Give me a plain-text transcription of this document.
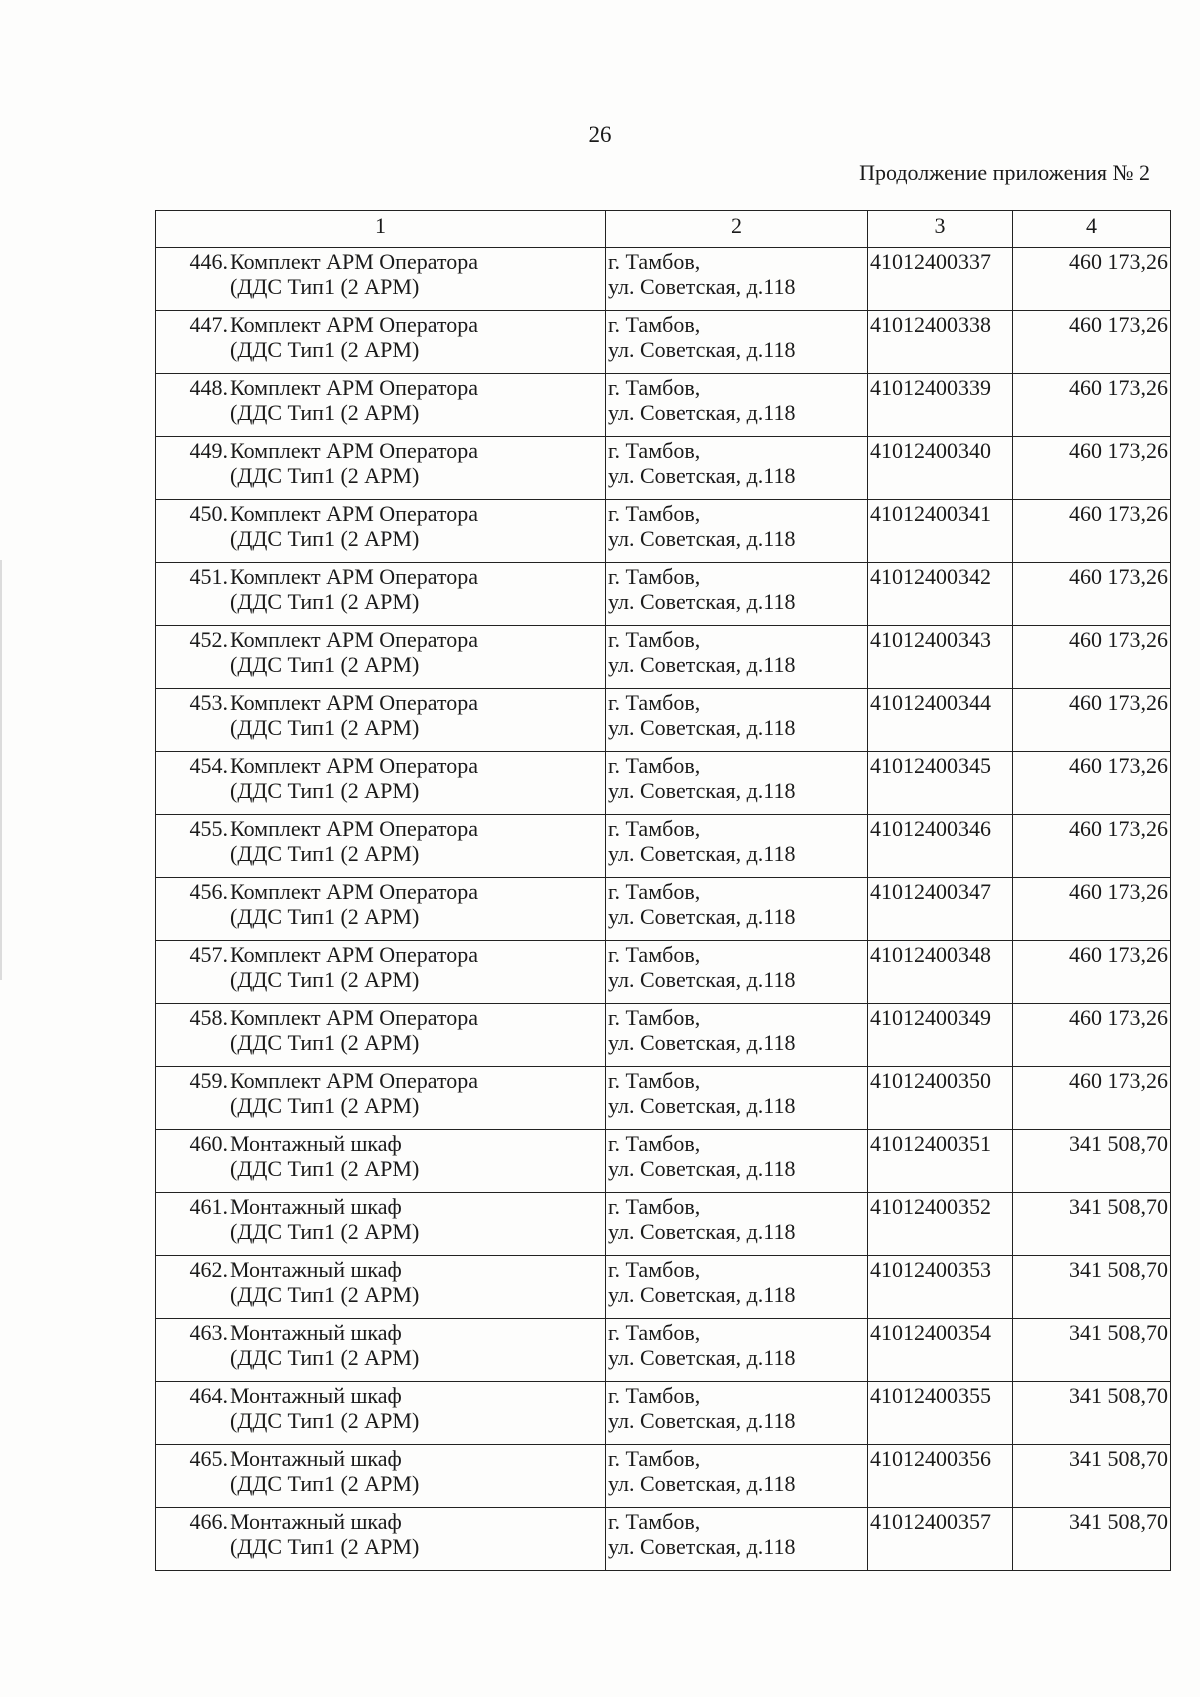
26
Продолжение приложения № 2
1	2	3	4

446. Комплект АРМ Оператора
(ДДС Тип1 (2 АРМ)	г. Тамбов,
ул. Советская, д.118	41012400337	460 173,26

447. Комплект АРМ Оператора
(ДДС Тип1 (2 АРМ)	г. Тамбов,
ул. Советская, д.118	41012400338	460 173,26

448. Комплект АРМ Оператора
(ДДС Тип1 (2 АРМ)	г. Тамбов,
ул. Советская, д.118	41012400339	460 173,26

449. Комплект АРМ Оператора
(ДДС Тип1 (2 АРМ)	г. Тамбов,
ул. Советская, д.118	41012400340	460 173,26

450. Комплект АРМ Оператора
(ДДС Тип1 (2 АРМ)	г. Тамбов,
ул. Советская, д.118	41012400341	460 173,26

451. Комплект АРМ Оператора
(ДДС Тип1 (2 АРМ)	г. Тамбов,
ул. Советская, д.118	41012400342	460 173,26

452. Комплект АРМ Оператора
(ДДС Тип1 (2 АРМ)	г. Тамбов,
ул. Советская, д.118	41012400343	460 173,26

453. Комплект АРМ Оператора
(ДДС Тип1 (2 АРМ)	г. Тамбов,
ул. Советская, д.118	41012400344	460 173,26

454. Комплект АРМ Оператора
(ДДС Тип1 (2 АРМ)	г. Тамбов,
ул. Советская, д.118	41012400345	460 173,26

455. Комплект АРМ Оператора
(ДДС Тип1 (2 АРМ)	г. Тамбов,
ул. Советская, д.118	41012400346	460 173,26

456. Комплект АРМ Оператора
(ДДС Тип1 (2 АРМ)	г. Тамбов,
ул. Советская, д.118	41012400347	460 173,26

457. Комплект АРМ Оператора
(ДДС Тип1 (2 АРМ)	г. Тамбов,
ул. Советская, д.118	41012400348	460 173,26

458. Комплект АРМ Оператора
(ДДС Тип1 (2 АРМ)	г. Тамбов,
ул. Советская, д.118	41012400349	460 173,26

459. Комплект АРМ Оператора
(ДДС Тип1 (2 АРМ)	г. Тамбов,
ул. Советская, д.118	41012400350	460 173,26

460. Монтажный шкаф
(ДДС Тип1 (2 АРМ)	г. Тамбов,
ул. Советская, д.118	41012400351	341 508,70

461. Монтажный шкаф
(ДДС Тип1 (2 АРМ)	г. Тамбов,
ул. Советская, д.118	41012400352	341 508,70

462. Монтажный шкаф
(ДДС Тип1 (2 АРМ)	г. Тамбов,
ул. Советская, д.118	41012400353	341 508,70

463. Монтажный шкаф
(ДДС Тип1 (2 АРМ)	г. Тамбов,
ул. Советская, д.118	41012400354	341 508,70

464. Монтажный шкаф
(ДДС Тип1 (2 АРМ)	г. Тамбов,
ул. Советская, д.118	41012400355	341 508,70

465. Монтажный шкаф
(ДДС Тип1 (2 АРМ)	г. Тамбов,
ул. Советская, д.118	41012400356	341 508,70

466. Монтажный шкаф
(ДДС Тип1 (2 АРМ)	г. Тамбов,
ул. Советская, д.118	41012400357	341 508,70
